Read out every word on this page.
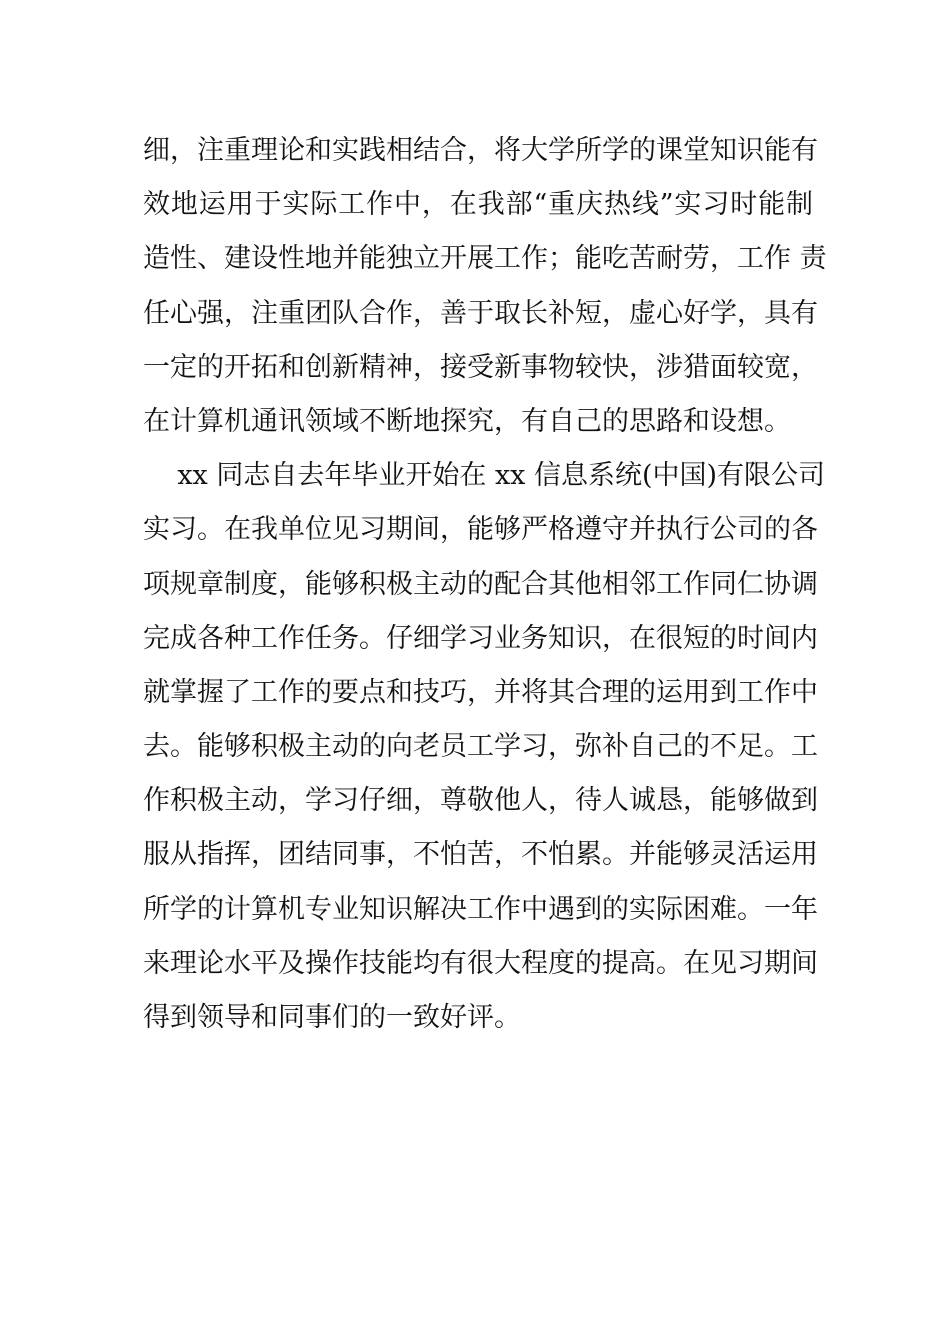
细，注重理论和实践相结合，将大学所学的课堂知识能有
效地运用于实际工作中，在我部“重庆热线”实习时能制
造性、建设性地并能独立开展工作；能吃苦耐劳，工作 责
任心强，注重团队合作，善于取长补短，虚心好学，具有
一定的开拓和创新精神，接受新事物较快，涉猎面较宽，
在计算机通讯领域不断地探究，有自己的思路和设想。
xx 同志自去年毕业开始在 xx 信息系统(中国)有限公司
实习。在我单位见习期间，能够严格遵守并执行公司的各
项规章制度，能够积极主动的配合其他相邻工作同仁协调
完成各种工作任务。仔细学习业务知识，在很短的时间内
就掌握了工作的要点和技巧，并将其合理的运用到工作中
去。能够积极主动的向老员工学习，弥补自己的不足。工
作积极主动，学习仔细，尊敬他人，待人诚恳，能够做到
服从指挥，团结同事，不怕苦，不怕累。并能够灵活运用
所学的计算机专业知识解决工作中遇到的实际困难。一年
来理论水平及操作技能均有很大程度的提高。在见习期间
得到领导和同事们的一致好评。
